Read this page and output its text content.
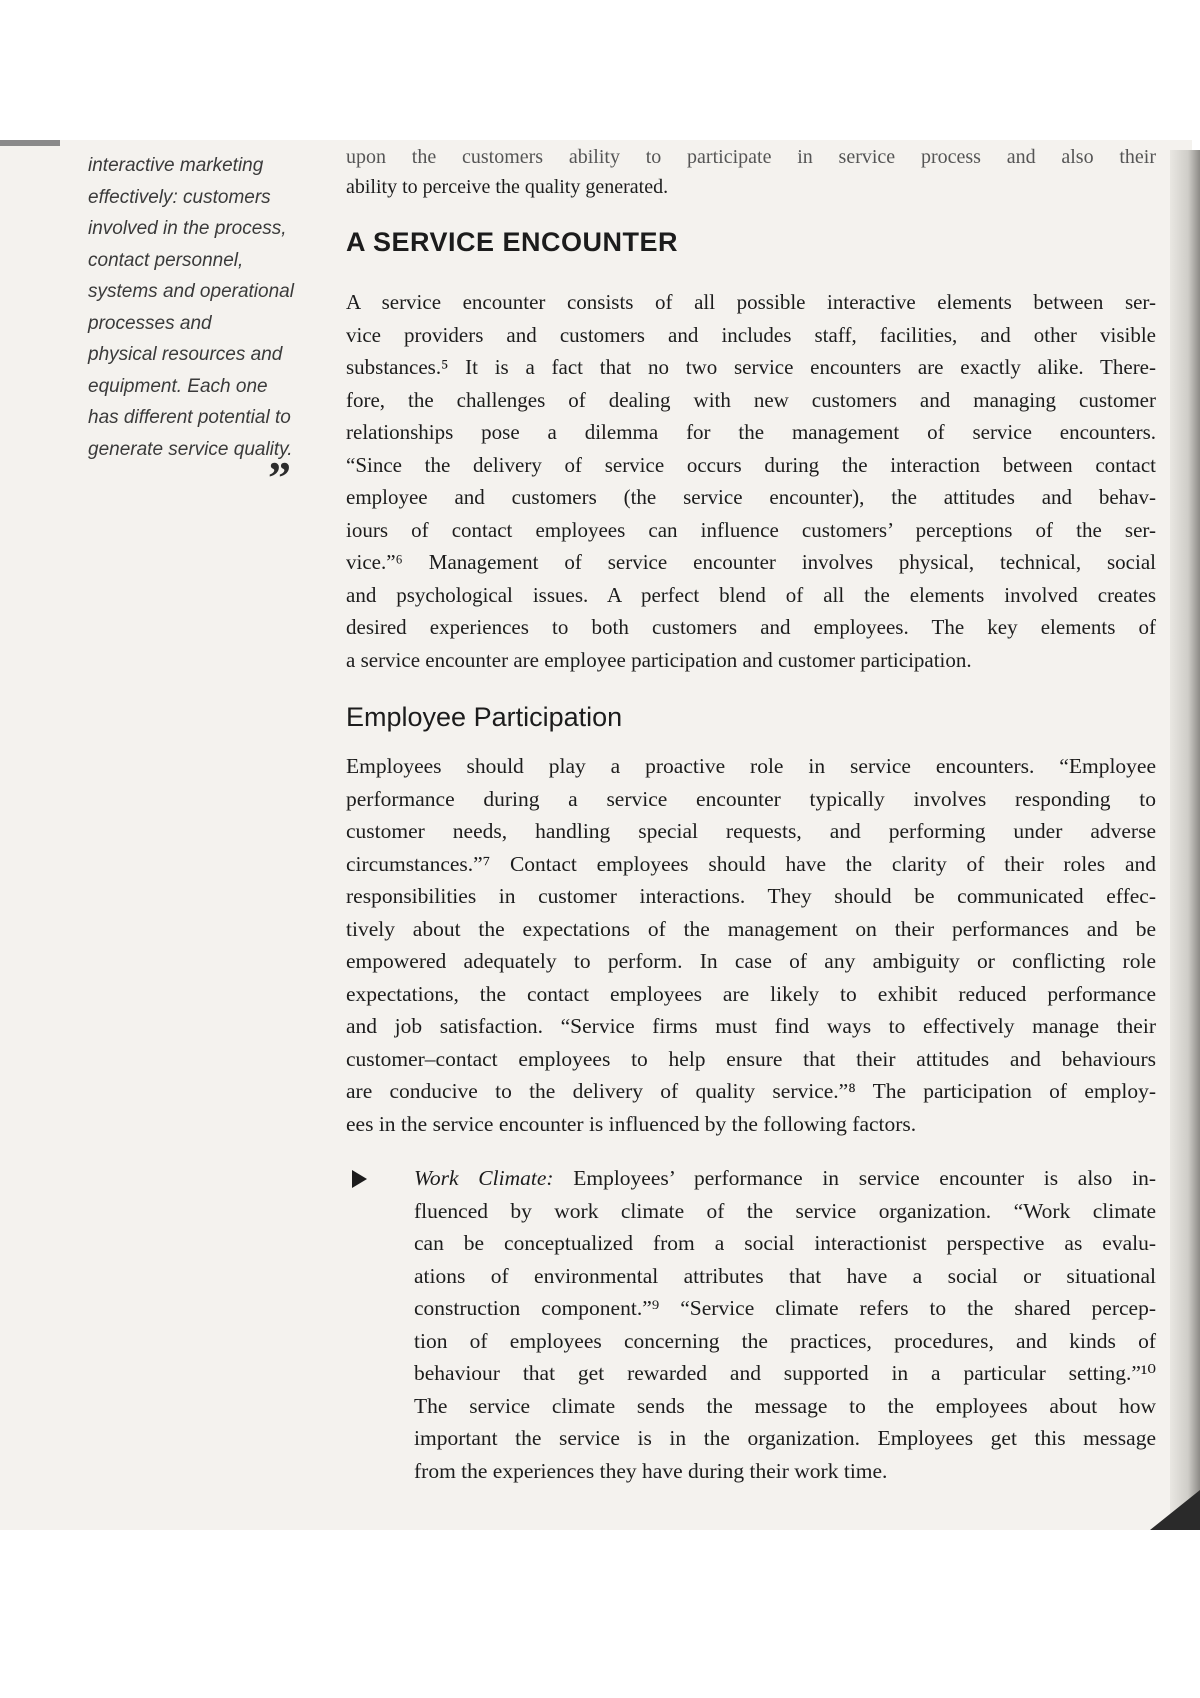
interactive marketing
effectively: customers
involved in the process,
contact personnel,
systems and operational
processes and
physical resources and
equipment. Each one
has different potential to
generate service quality.
”

upon the customers ability to participate in service process and also their

ability to perceive the quality generated.

A SERVICE ENCOUNTER
A service encounter consists of all possible interactive elements between ser-
vice providers and customers and includes staff, facilities, and other visible
substances.⁵ It is a fact that no two service encounters are exactly alike. There-
fore, the challenges of dealing with new customers and managing customer
relationships pose a dilemma for the management of service encounters.
“Since the delivery of service occurs during the interaction between contact
employee and customers (the service encounter), the attitudes and behav-
iours of contact employees can influence customers’ perceptions of the ser-
vice.”⁶ Management of service encounter involves physical, technical, social
and psychological issues. A perfect blend of all the elements involved creates
desired experiences to both customers and employees. The key elements of
a service encounter are employee participation and customer participation.
Employee Participation
Employees should play a proactive role in service encounters. “Employee
performance during a service encounter typically involves responding to
customer needs, handling special requests, and performing under adverse
circumstances.”⁷ Contact employees should have the clarity of their roles and
responsibilities in customer interactions. They should be communicated effec-
tively about the expectations of the management on their performances and be
empowered adequately to perform. In case of any ambiguity or conflicting role
expectations, the contact employees are likely to exhibit reduced performance
and job satisfaction. “Service firms must find ways to effectively manage their
customer–contact employees to help ensure that their attitudes and behaviours
are conducive to the delivery of quality service.”⁸ The participation of employ-
ees in the service encounter is influenced by the following factors.
Work Climate: Employees’ performance in service encounter is also in-
fluenced by work climate of the service organization. “Work climate
can be conceptualized from a social interactionist perspective as evalu-
ations of environmental attributes that have a social or situational
construction component.”⁹ “Service climate refers to the shared percep-
tion of employees concerning the practices, procedures, and kinds of
behaviour that get rewarded and supported in a particular setting.”¹⁰
The service climate sends the message to the employees about how
important the service is in the organization. Employees get this message
from the experiences they have during their work time.
